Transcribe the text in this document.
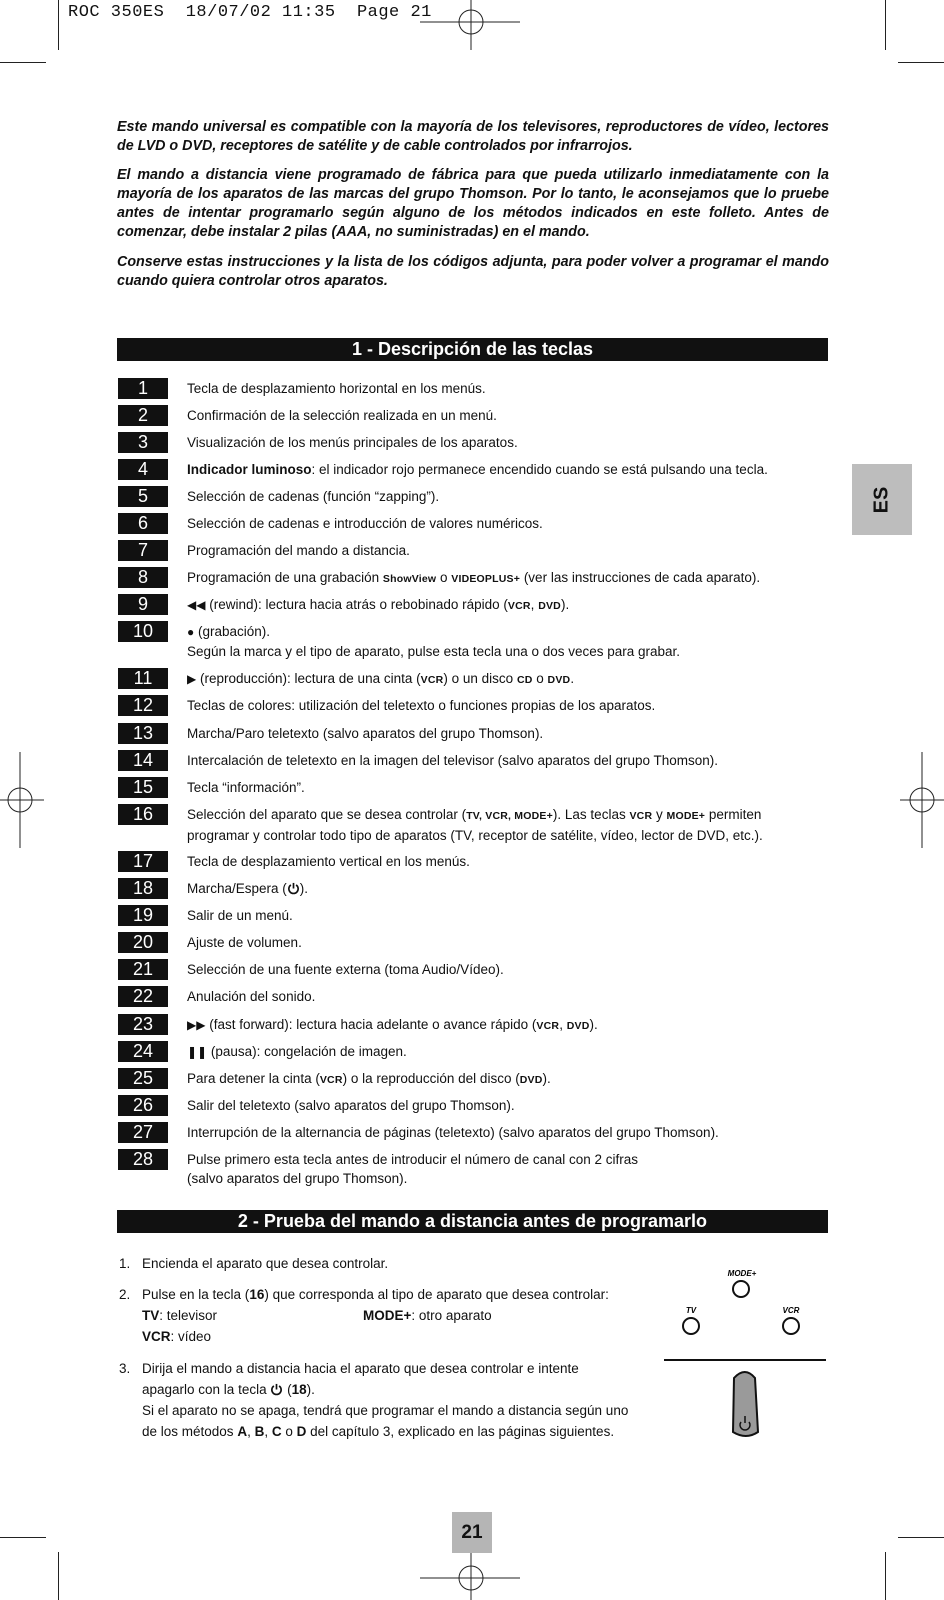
ROC 350ES  18/07/02 11:35  Page 21
Este mando universal es compatible con la mayoría de los televisores, reproductores de vídeo, lectores de LVD o DVD, receptores de satélite y de cable controlados por infrarrojos.
El mando a distancia viene programado de fábrica para que pueda utilizarlo inmediatamente con la mayoría de los aparatos de las marcas del grupo Thomson. Por lo tanto, le aconsejamos que lo pruebe antes de intentar programarlo según alguno de los métodos indicados en este folleto. Antes de comenzar, debe instalar 2 pilas (AAA, no suministradas) en el mando.
Conserve estas instrucciones y la lista de los códigos adjunta, para poder volver a programar el mando cuando quiera controlar otros aparatos.
1 - Descripción de las teclas
1	Tecla de desplazamiento horizontal en los menús.
2	Confirmación de la selección realizada en un menú.
3	Visualización de los menús principales de los aparatos.
4	Indicador luminoso: el indicador rojo permanece encendido cuando se está pulsando una tecla.
5	Selección de cadenas (función “zapping”).
6	Selección de cadenas e introducción de valores numéricos.
7	Programación del mando a distancia.
8	Programación de una grabación ShowView o VIDEOPLUS+ (ver las instrucciones de cada aparato).
9	◀◀ (rewind): lectura hacia atrás o rebobinado rápido (VCR, DVD).
10	● (grabación).
Según la marca y el tipo de aparato, pulse esta tecla una o dos veces para grabar.
11	▶ (reproducción): lectura de una cinta (VCR) o un disco CD o DVD.
12	Teclas de colores: utilización del teletexto o funciones propias de los aparatos.
13	Marcha/Paro teletexto (salvo aparatos del grupo Thomson).
14	Intercalación de teletexto en la imagen del televisor (salvo aparatos del grupo Thomson).
15	Tecla “información”.
16	Selección del aparato que se desea controlar (TV, VCR, MODE+). Las teclas VCR y MODE+ permiten
programar y controlar todo tipo de aparatos (TV, receptor de satélite, vídeo, lector de DVD, etc.).
17	Tecla de desplazamiento vertical en los menús.
18	Marcha/Espera ( ).
19	Salir de un menú.
20	Ajuste de volumen.
21	Selección de una fuente externa (toma Audio/Vídeo).
22	Anulación del sonido.
23	▶▶ (fast forward): lectura hacia adelante o avance rápido (VCR, DVD).
24	❚❚ (pausa): congelación de imagen.
25	Para detener la cinta (VCR) o la reproducción del disco (DVD).
26	Salir del teletexto (salvo aparatos del grupo Thomson).
27	Interrupción de la alternancia de páginas (teletexto) (salvo aparatos del grupo Thomson).
28	Pulse primero esta tecla antes de introducir el número de canal con 2 cifras
(salvo aparatos del grupo Thomson).
2 - Prueba del mando a distancia antes de programarlo
1. Encienda el aparato que desea controlar.
2. Pulse en la tecla (16) que corresponda al tipo de aparato que desea controlar:
TV: televisor	MODE+: otro aparato
VCR: vídeo
3. Dirija el mando a distancia hacia el aparato que desea controlar e intente
apagarlo con la tecla  (18).
Si el aparato no se apaga, tendrá que programar el mando a distancia según uno
de los métodos A, B, C o D del capítulo 3, explicado en las páginas siguientes.
MODE+
TV	VCR
ES
21
